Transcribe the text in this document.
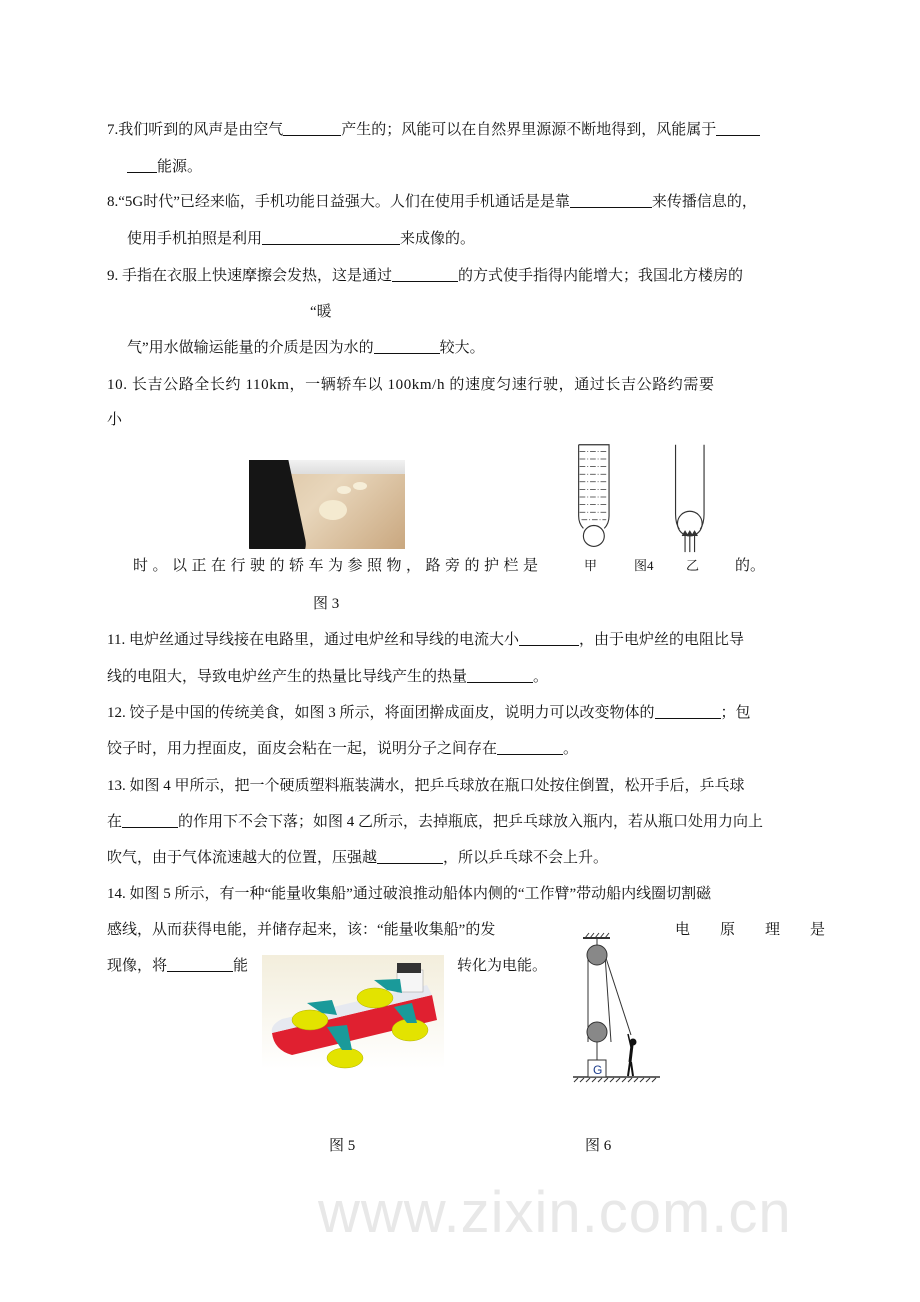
www.zixin.com.cn
7.我们听到的风声是由空气	产生的；风能可以在自然界里源源不断地得到，风能属于
能源。
8.“5G时代”已经来临，手机功能日益强大。人们在使用手机通话是是靠	来传播信息的，
使用手机拍照是利用	来成像的。
9. 手指在衣服上快速摩擦会发热，这是通过	的方式使手指得内能增大；我国北方楼房的
“暖
气”用水做输运能量的介质是因为水的	较大。
10. 长吉公路全长约 110km，一辆轿车以 100km/h 的速度匀速行驶，通过长吉公路约需要
小
时。以正在行驶的轿车为参照物，路旁的护栏是	甲	图4 乙 的。
图 3
11. 电炉丝通过导线接在电路里，通过电炉丝和导线的电流大小	，由于电炉丝的电阻比导
线的电阻大，导致电炉丝产生的热量比导线产生的热量	。
12. 饺子是中国的传统美食，如图 3 所示，将面团擀成面皮，说明力可以改变物体的	；包
饺子时，用力捏面皮，面皮会粘在一起，说明分子之间存在	。
13. 如图 4 甲所示，把一个硬质塑料瓶装满水，把乒乓球放在瓶口处按住倒置，松开手后，乒乓球
在	的作用下不会下落；如图 4 乙所示，去掉瓶底，把乒乓球放入瓶内，若从瓶口处用力向上
吹气，由于气体流速越大的位置，压强越	，所以乒乓球不会上升。
14. 如图 5 所示，有一种“能量收集船”通过破浪推动船体内侧的“工作臂”带动船内线圈切割磁
感线，从而获得电能，并储存起来，该：“能量收集船”的发	电　　原　　理　　是
现像，将	能	转化为电能。
G
图 5	图 6
